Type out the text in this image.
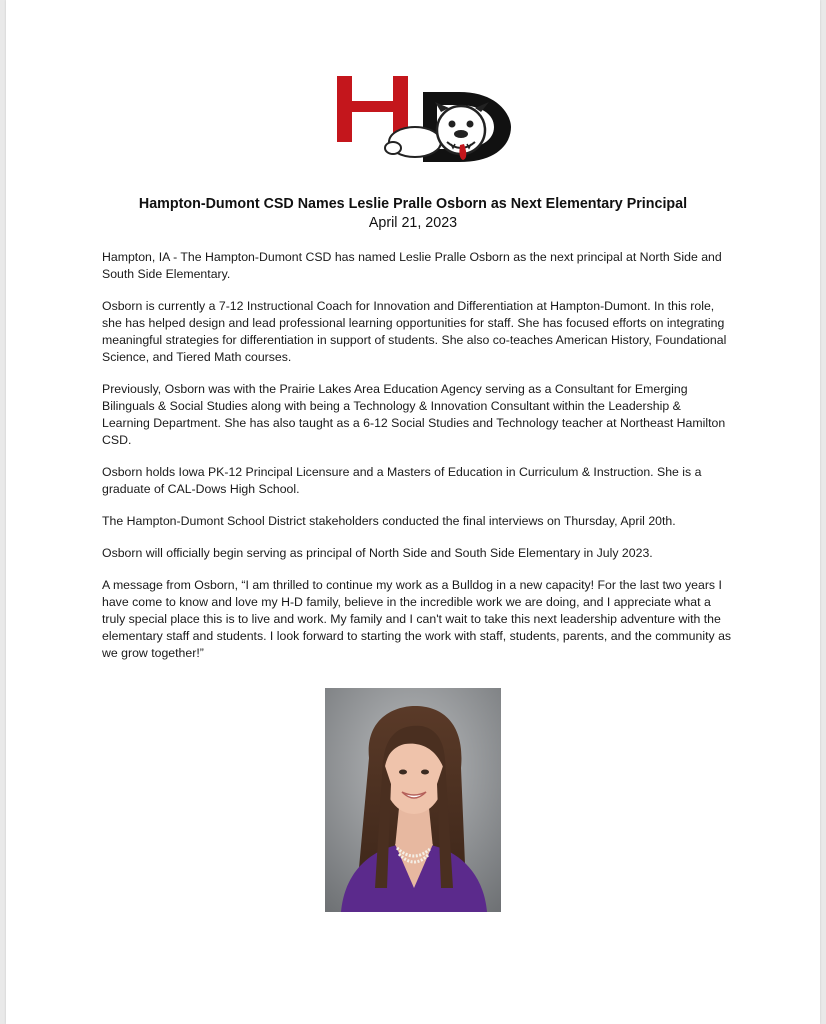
Hampton-Dumont CSD Names Leslie Pralle Osborn as Next Elementary Principal
April 21, 2023

Hampton, IA - The Hampton-Dumont CSD has named Leslie Pralle Osborn as the next principal at North Side and South Side Elementary.

Osborn is currently a 7-12 Instructional Coach for Innovation and Differentiation at Hampton-Dumont. In this role, she has helped design and lead professional learning opportunities for staff. She has focused efforts on integrating meaningful strategies for differentiation in support of students. She also co-teaches American History, Foundational Science, and Tiered Math courses.

Previously, Osborn was with the Prairie Lakes Area Education Agency serving as a Consultant for Emerging Bilinguals & Social Studies along with being a Technology & Innovation Consultant within the Leadership & Learning Department. She has also taught as a 6-12 Social Studies and Technology teacher at Northeast Hamilton CSD.

Osborn holds Iowa PK-12 Principal Licensure and a Masters of Education in Curriculum & Instruction. She is a graduate of CAL-Dows High School.

The Hampton-Dumont School District stakeholders conducted the final interviews on Thursday, April 20th.

Osborn will officially begin serving as principal of North Side and South Side Elementary in July 2023.

A message from Osborn, “I am thrilled to continue my work as a Bulldog in a new capacity! For the last two years I have come to know and love my H-D family, believe in the incredible work we are doing, and I appreciate what a truly special place this is to live and work. My family and I can't wait to take this next leadership adventure with the elementary staff and students. I look forward to starting the work with staff, students, parents, and the community as we grow together!”
